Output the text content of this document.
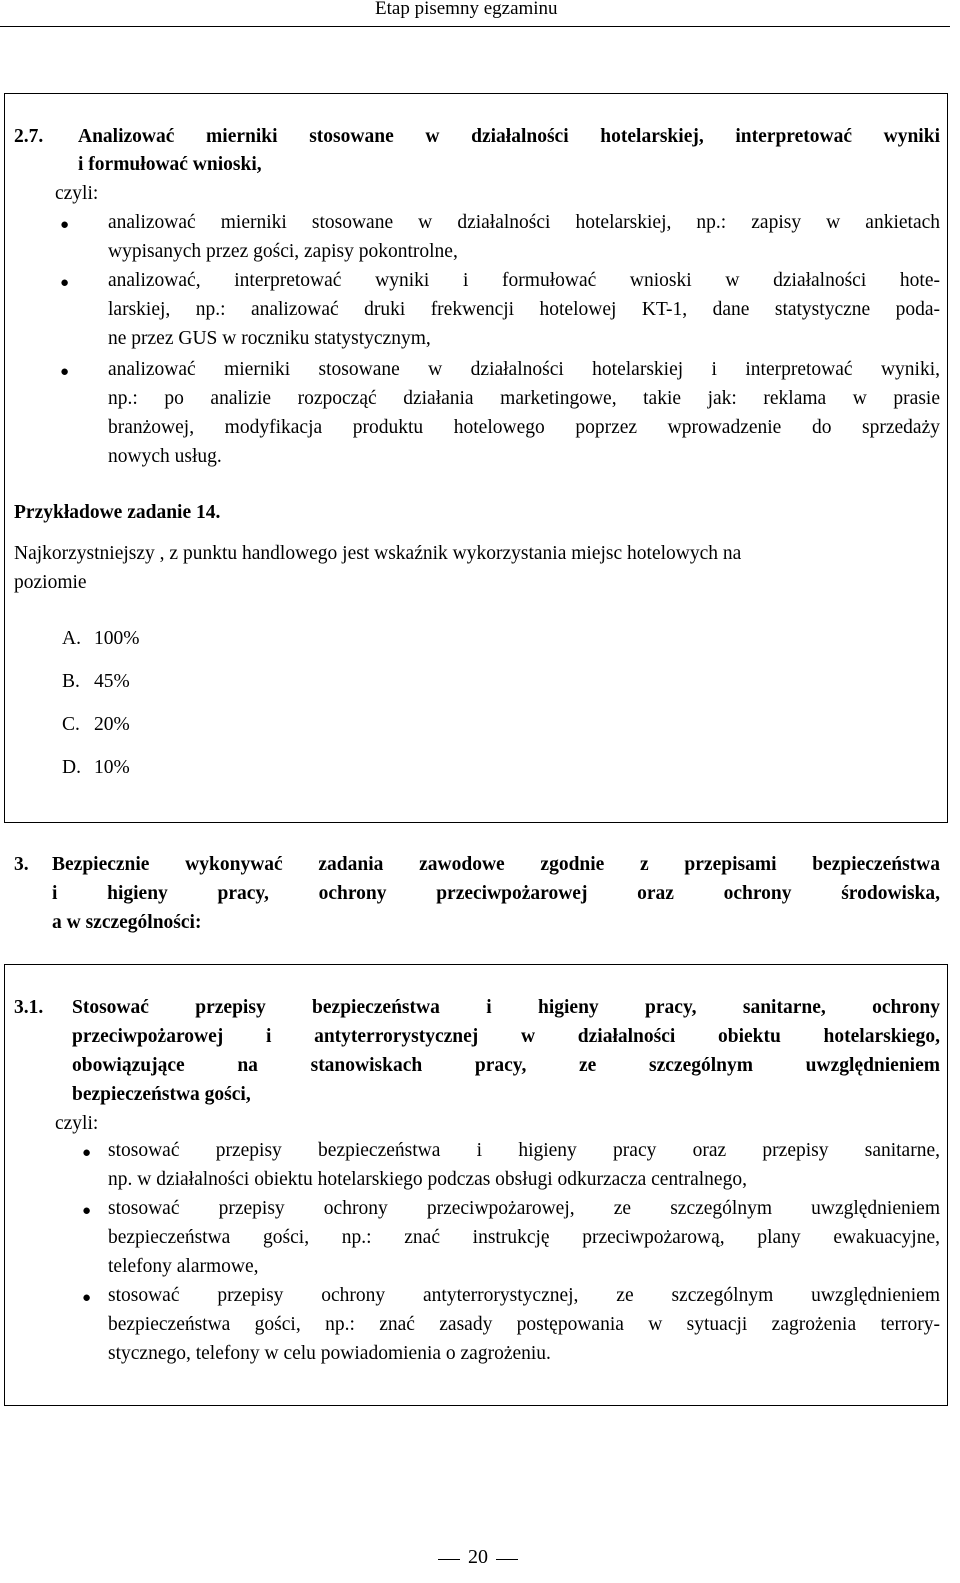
Etap pisemny egzaminu
2.7. Analizować mierniki stosowane w działalności hotelarskiej, interpretować wyniki
i formułować wnioski,
czyli:
● analizować mierniki stosowane w działalności hotelarskiej, np.: zapisy w ankietach
wypisanych przez gości, zapisy pokontrolne,
● analizować, interpretować wyniki i formułować wnioski w działalności hote-
larskiej, np.: analizować druki frekwencji hotelowej KT-1, dane statystyczne poda-
ne przez GUS w roczniku statystycznym,
● analizować mierniki stosowane w działalności hotelarskiej i interpretować wyniki,
np.: po analizie rozpocząć działania marketingowe, takie jak: reklama w prasie
branżowej, modyfikacja produktu hotelowego poprzez wprowadzenie do sprzedaży
nowych usług.
Przykładowe zadanie 14.
Najkorzystniejszy , z punktu handlowego jest wskaźnik wykorzystania miejsc hotelowych na
poziomie
A. 100%
B. 45%
C. 20%
D. 10%
3. Bezpiecznie wykonywać zadania zawodowe zgodnie z przepisami bezpieczeństwa
i higieny pracy, ochrony przeciwpożarowej oraz ochrony środowiska,
a w szczególności:
3.1. Stosować przepisy bezpieczeństwa i higieny pracy, sanitarne, ochrony
przeciwpożarowej i antyterrorystycznej w działalności obiektu hotelarskiego,
obowiązujące na stanowiskach pracy, ze szczególnym uwzględnieniem
bezpieczeństwa gości,
czyli:
● stosować przepisy bezpieczeństwa i higieny pracy oraz przepisy sanitarne,
np. w działalności obiektu hotelarskiego podczas obsługi odkurzacza centralnego,
● stosować przepisy ochrony przeciwpożarowej, ze szczególnym uwzględnieniem
bezpieczeństwa gości, np.: znać instrukcję przeciwpożarową, plany ewakuacyjne,
telefony alarmowe,
● stosować przepisy ochrony antyterrorystycznej, ze szczególnym uwzględnieniem
bezpieczeństwa gości, np.: znać zasady postępowania w sytuacji zagrożenia terrory-
stycznego, telefony w celu powiadomienia o zagrożeniu.
20
